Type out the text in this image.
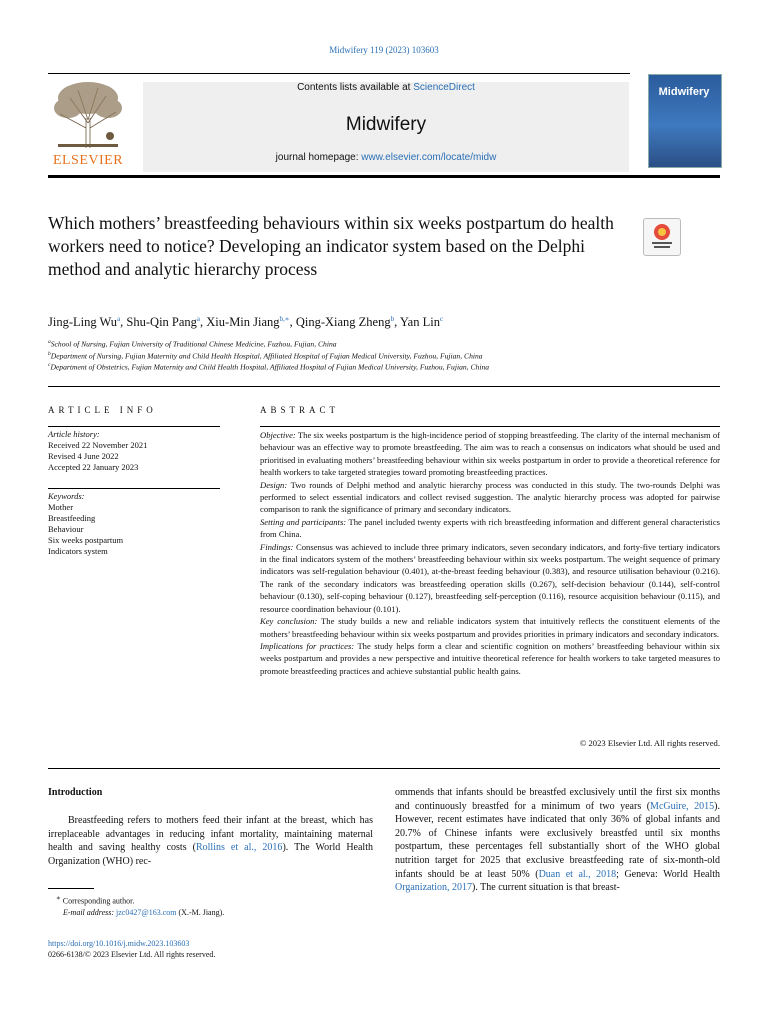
Midwifery 119 (2023) 103603
ELSEVIER
Contents lists available at ScienceDirect
Midwifery
journal homepage: www.elsevier.com/locate/midw
Midwifery
Which mothers’ breastfeeding behaviours within six weeks postpartum do health workers need to notice? Developing an indicator system based on the Delphi method and analytic hierarchy process
Jing-Ling Wu$^a$, Shu-Qin Pang$^a$, Xiu-Min Jiang$^{b,∗}$, Qing-Xiang Zheng$^b$, Yan Lin$^c$
$^a$School of Nursing, Fujian University of Traditional Chinese Medicine, Fuzhou, Fujian, China
$^b$Department of Nursing, Fujian Maternity and Child Health Hospital, Affiliated Hospital of Fujian Medical University, Fuzhou, Fujian, China
$^c$Department of Obstetrics, Fujian Maternity and Child Health Hospital, Affiliated Hospital of Fujian Medical University, Fuzhou, Fujian, China
ARTICLE INFO
Article history:
Received 22 November 2021
Revised 4 June 2022
Accepted 22 January 2023
Keywords:
Mother
Breastfeeding
Behaviour
Six weeks postpartum
Indicators system
ABSTRACT

Objective: The six weeks postpartum is the high-incidence period of stopping breastfeeding. The clarity of the internal mechanism of behaviour was an effective way to promote breastfeeding. The aim was to reach a consensus on indicators what should be used and prioritised in evaluating mothers’ breastfeeding behaviour within six weeks postpartum in order to provide a theoretical reference for health workers to take targeted strategies toward promoting breastfeeding practices.

Design: Two rounds of Delphi method and analytic hierarchy process was conducted in this study. The two-rounds Delphi was performed to select essential indicators and collect revised suggestion. The analytic hierarchy process was adopted for pairwise comparison to rank the significance of primary and secondary indicators.

Setting and participants: The panel included twenty experts with rich breastfeeding information and different general characteristics from China.

Findings: Consensus was achieved to include three primary indicators, seven secondary indicators, and forty-five tertiary indicators in the final indicators system of the mothers’ breastfeeding behaviour within six weeks postpartum. The weight sequence of primary indicators was self-regulation behaviour (0.401), at-the-breast feeding behaviour (0.383), and resource utilisation behaviour (0.216). The rank of the secondary indicators was breastfeeding operation skills (0.267), self-decision behaviour (0.144), self-control behaviour (0.130), self-coping behaviour (0.127), breastfeeding self-perception (0.116), resource acquisition behaviour (0.115), and resource coordination behaviour (0.101).

Key conclusion: The study builds a new and reliable indicators system that intuitively reflects the constituent elements of the mothers’ breastfeeding behaviour within six weeks postpartum and provides priorities in primary indicators and secondary indicators.

Implications for practices: The study helps form a clear and scientific cognition on mothers’ breastfeeding behaviour within six weeks postpartum and provides a new perspective and intuitive theoretical reference for health workers to take targeted measures to promote breastfeeding practices and achieve substantial public health gains.

© 2023 Elsevier Ltd. All rights reserved.
Introduction
Breastfeeding refers to mothers feed their infant at the breast, which has irreplaceable advantages in reducing infant mortality, maintaining maternal health and saving healthy costs (Rollins et al., 2016). The World Health Organization (WHO) rec-
ommends that infants should be breastfed exclusively until the first six months and continuously breastfed for a minimum of two years (McGuire, 2015). However, recent estimates have indicated that only 36% of global infants and 20.7% of Chinese infants were exclusively breastfed until six months postpartum, these percentages fell substantially short of the WHO global nutrition target for 2025 that exclusive breastfeeding rate of six-month-old infants should be at least 50% (Duan et al., 2018; Geneva: World Health Organization, 2017). The current situation is that breast-
∗ Corresponding author.
E-mail address: jzc0427@163.com (X.-M. Jiang).
https://doi.org/10.1016/j.midw.2023.103603
0266-6138/© 2023 Elsevier Ltd. All rights reserved.
